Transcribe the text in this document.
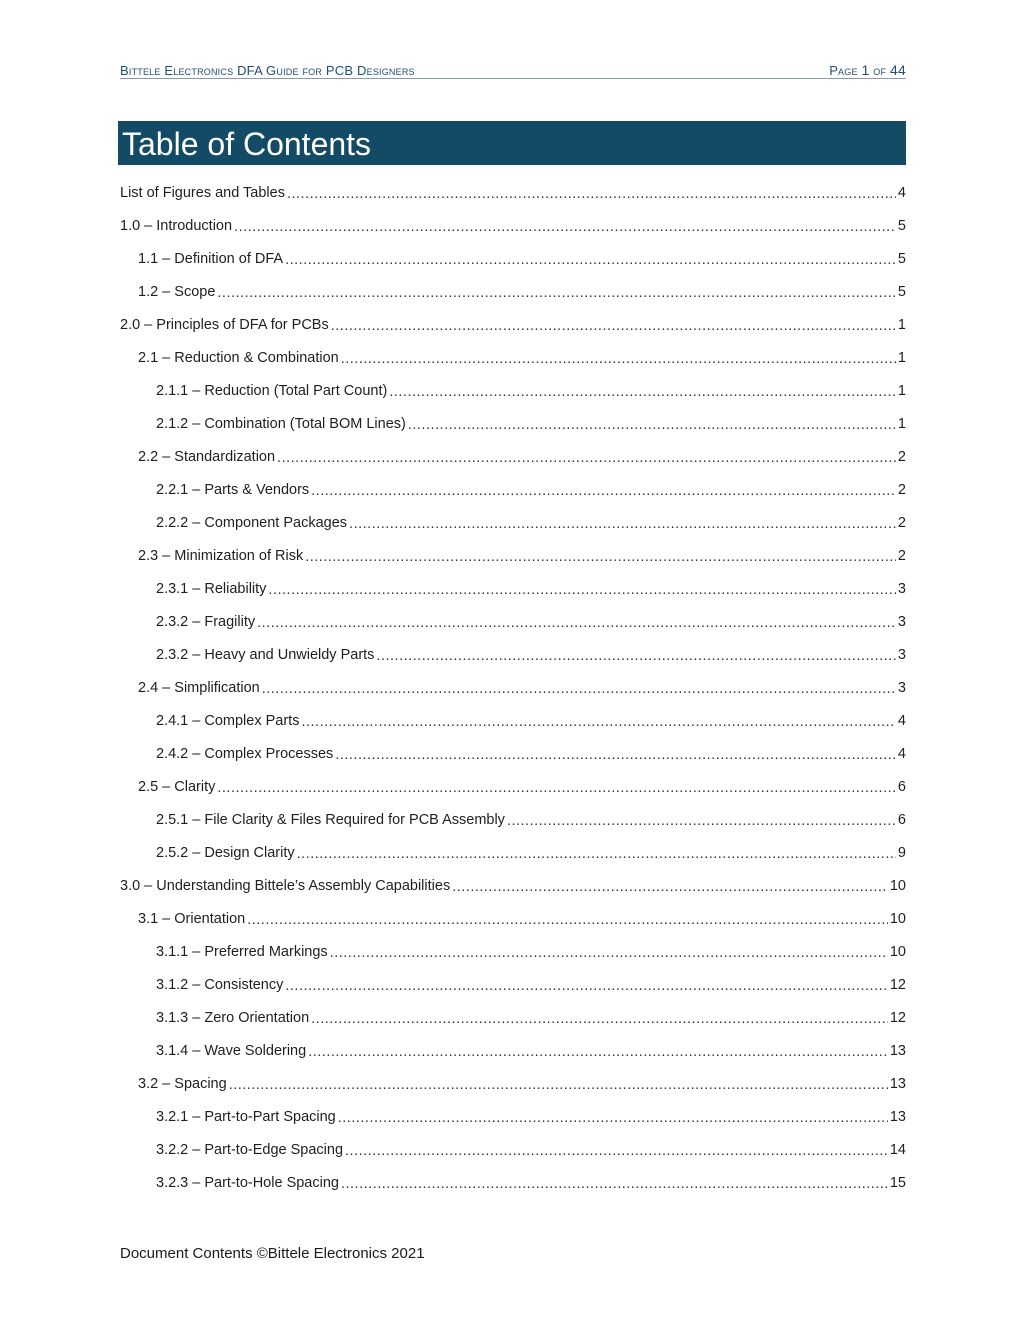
Bittele Electronics DFA Guide for PCB Designers	Page 1 of 44
Table of Contents
List of Figures and Tables .....	4
1.0 – Introduction .....	5
1.1 – Definition of DFA .....	5
1.2 – Scope .....	5
2.0 – Principles of DFA for PCBs .....	1
2.1 – Reduction & Combination .....	1
2.1.1 – Reduction (Total Part Count) .....	1
2.1.2 – Combination (Total BOM Lines) .....	1
2.2 – Standardization .....	2
2.2.1 – Parts & Vendors .....	2
2.2.2 – Component Packages .....	2
2.3 – Minimization of Risk .....	2
2.3.1 – Reliability .....	3
2.3.2 – Fragility .....	3
2.3.2 – Heavy and Unwieldy Parts .....	3
2.4 – Simplification .....	3
2.4.1 – Complex Parts .....	4
2.4.2 – Complex Processes .....	4
2.5 – Clarity .....	6
2.5.1 – File Clarity & Files Required for PCB Assembly .....	6
2.5.2 – Design Clarity .....	9
3.0 – Understanding Bittele’s Assembly Capabilities .....	10
3.1 – Orientation .....	10
3.1.1 – Preferred Markings .....	10
3.1.2 – Consistency .....	12
3.1.3 – Zero Orientation .....	12
3.1.4 – Wave Soldering .....	13
3.2 – Spacing .....	13
3.2.1 – Part-to-Part Spacing .....	13
3.2.2 – Part-to-Edge Spacing .....	14
3.2.3 – Part-to-Hole Spacing .....	15
Document Contents ©Bittele Electronics 2021
